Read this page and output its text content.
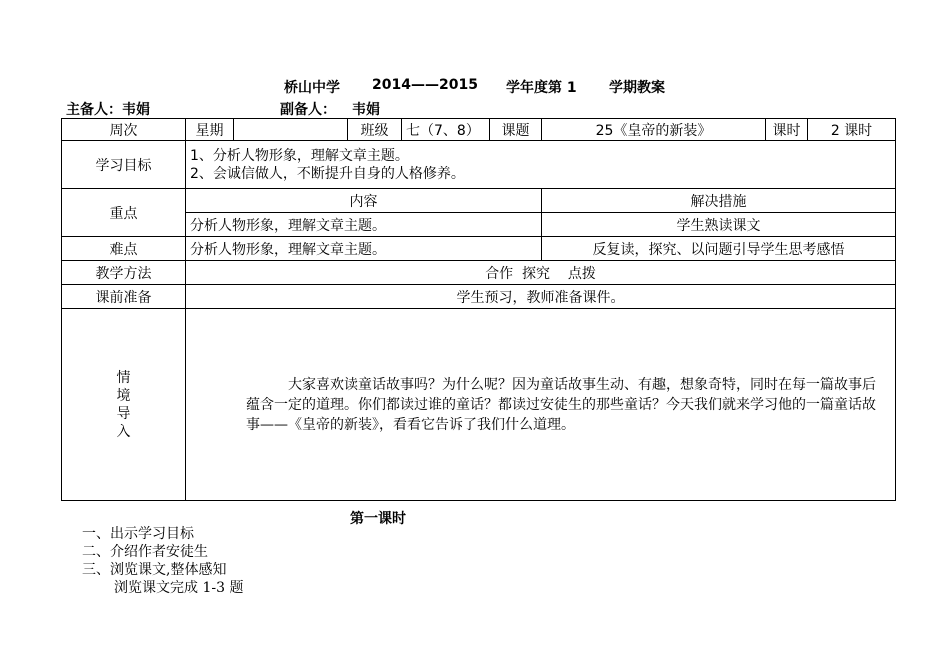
桥山中学 2014——2015 学年度第 1 学期教案
主备人：韦娟	副备人： 韦娟
周次	星期		班级	七（7、8）	课题	25《皇帝的新装》	课时	2 课时
学习目标	1、分析人物形象，理解文章主题。
2、会诚信做人，不断提升自身的人格修养。							

重点	内容					解决措施		
	分析人物形象，理解文章主题。					学生熟读课文		
难点	分析人物形象，理解文章主题。					反复读，探究、以问题引导学生思考感悟		
教学方法	合作  探究    点拨							
课前准备	学生预习，教师准备课件。							
情境导入	大家喜欢读童话故事吗？为什么呢？因为童话故事生动、有趣，想象奇特，同时在每一篇故事后蕴含一定的道理。你们都读过谁的童话？都读过安徒生的那些童话？今天我们就来学习他的一篇童话故事——《皇帝的新装》，看看它告诉了我们什么道理。							
第一课时
一、出示学习目标
二、介绍作者安徒生
三、浏览课文,整体感知
浏览课文完成 1-3 题
